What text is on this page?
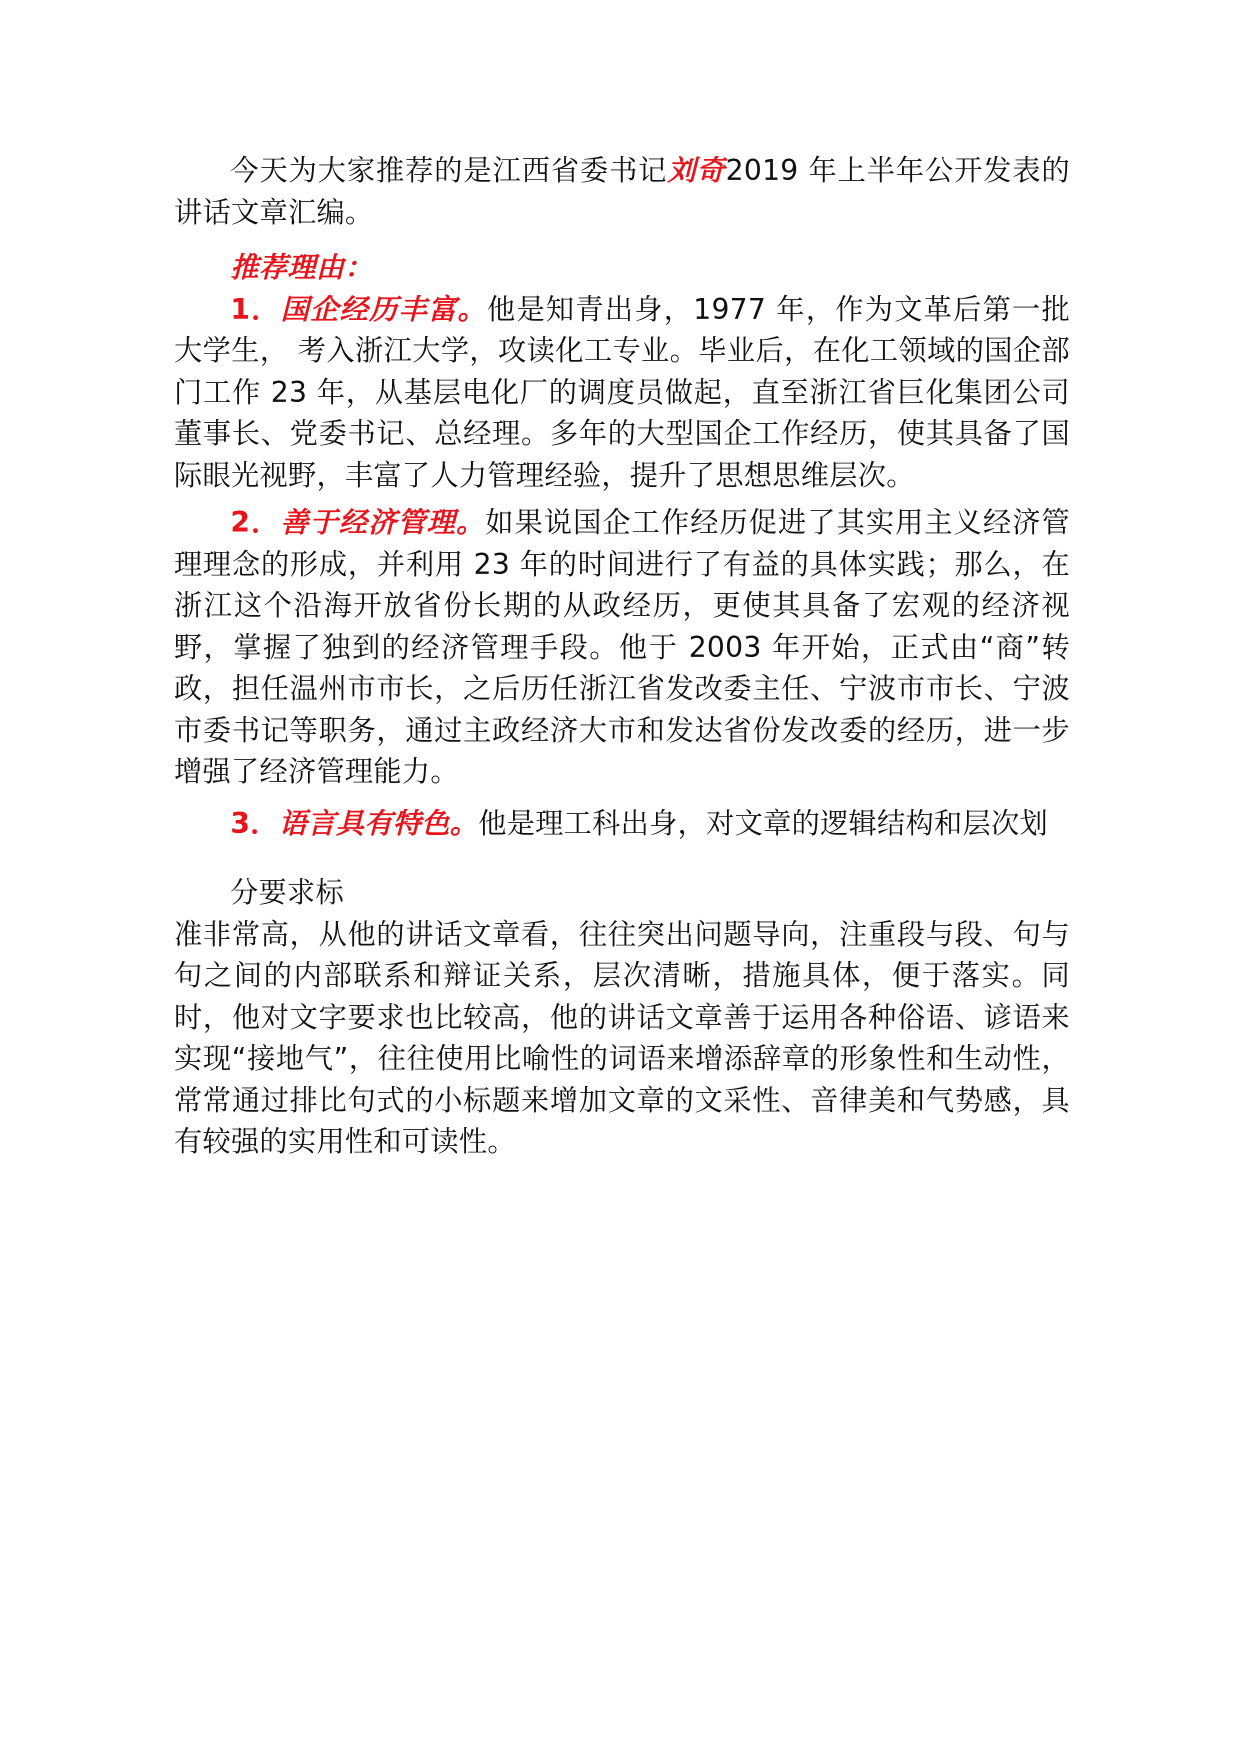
今天为大家推荐的是江西省委书记刘奇2019 年上半年公开发表的讲话文章汇编。

推荐理由：

1．国企经历丰富。他是知青出身，1977 年，作为文革后第一批大学生， 考入浙江大学，攻读化工专业。毕业后，在化工领域的国企部门工作 23 年，从基层电化厂的调度员做起，直至浙江省巨化集团公司董事长、党委书记、总经理。多年的大型国企工作经历，使其具备了国际眼光视野，丰富了人力管理经验，提升了思想思维层次。

2．善于经济管理。如果说国企工作经历促进了其实用主义经济管理理念的形成，并利用 23 年的时间进行了有益的具体实践；那么，在浙江这个沿海开放省份长期的从政经历，更使其具备了宏观的经济视野，掌握了独到的经济管理手段。他于 2003 年开始，正式由“商”转政，担任温州市市长，之后历任浙江省发改委主任、宁波市市长、宁波市委书记等职务，通过主政经济大市和发达省份发改委的经历，进一步增强了经济管理能力。

3．语言具有特色。他是理工科出身，对文章的逻辑结构和层次划

分要求标

准非常高，从他的讲话文章看，往往突出问题导向，注重段与段、句与句之间的内部联系和辩证关系，层次清晰，措施具体，便于落实。同时，他对文字要求也比较高，他的讲话文章善于运用各种俗语、谚语来实现“接地气”，往往使用比喻性的词语来增添辞章的形象性和生动性，常常通过排比句式的小标题来增加文章的文采性、音律美和气势感，具有较强的实用性和可读性。
